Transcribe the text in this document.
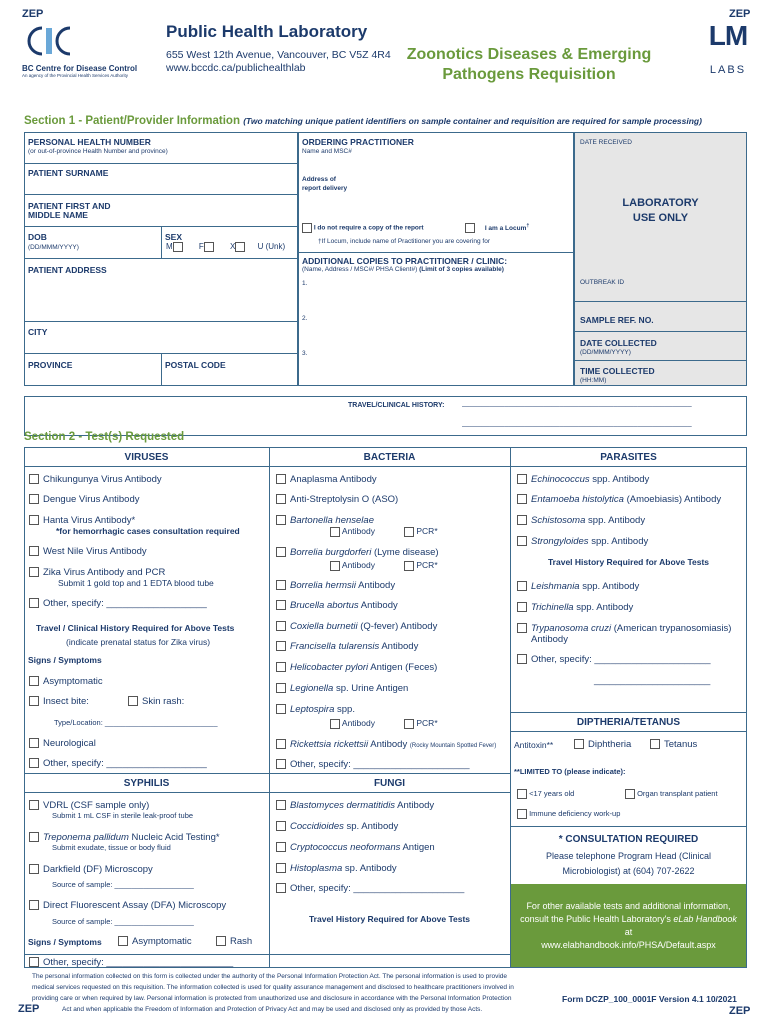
ZEP	ZEP
BC Centre for Disease Control
An agency of the Provincial Health Services Authority
Public Health Laboratory
655 West 12th Avenue, Vancouver, BC V5Z 4R4
www.bccdc.ca/publichealthlab
Zoonotics Diseases & Emerging
Pathogens Requisition
LM
LABS
Section 1 - Patient/Provider Information (Two matching unique patient identifiers on sample container and requisition are required for sample processing)
PERSONAL HEALTH NUMBER
(or out-of-province Health Number and province)
PATIENT SURNAME
PATIENT FIRST AND
MIDDLE NAME
DOB
(DD/MMM/YYYY)
SEX
M	F	X	U (Unk)
PATIENT ADDRESS
CITY
PROVINCE	POSTAL CODE
ORDERING PRACTITIONER
Name and MSC#
Address of
report delivery
I do not require a copy of the report	I am a Locum†
†If Locum, include name of Practitioner you are covering for
ADDITIONAL COPIES TO PRACTITIONER / CLINIC:
(Name, Address / MSC#/ PHSA Client#) (Limit of 3 copies available)
1.
2.
3.
DATE RECEIVED
LABORATORY
USE ONLY
OUTBREAK ID
SAMPLE REF. NO.
DATE COLLECTED
(DD/MMM/YYYY)
TIME COLLECTED
(HH:MM)
TRAVEL/CLINICAL HISTORY:	___________________________________________________________
___________________________________________________________
Section 2 - Test(s) Requested
VIRUSES	BACTERIA	PARASITES
Chikungunya Virus Antibody
Dengue Virus Antibody
Hanta Virus Antibody*
*for hemorrhagic cases consultation required
West Nile Virus Antibody
Zika Virus Antibody and PCR
Submit 1 gold top and 1 EDTA blood tube
Other, specify: ___________________
Travel / Clinical History Required for Above Tests
(indicate prenatal status for Zika virus)
Signs / Symptoms
Asymptomatic
Insect bite:	Skin rash:
Type/Location: ___________________________
Neurological
Other, specify: ___________________
Anaplasma Antibody
Anti-Streptolysin O (ASO)
Bartonella henselae
Antibody	PCR*
Borrelia burgdorferi (Lyme disease)
Antibody	PCR*
Borrelia hermsii Antibody
Brucella abortus Antibody
Coxiella burnetii (Q-fever) Antibody
Francisella tularensis Antibody
Helicobacter pylori Antigen (Feces)
Legionella sp. Urine Antigen
Leptospira spp.
Antibody	PCR*
Rickettsia rickettsii Antibody (Rocky Mountain Spotted Fever)
Other, specify: ______________________
Echinococcus spp. Antibody
Entamoeba histolytica (Amoebiasis) Antibody
Schistosoma spp. Antibody
Strongyloides spp. Antibody
Travel History Required for Above Tests
Leishmania spp. Antibody
Trichinella spp. Antibody
Trypanosoma cruzi (American trypanosomiasis)
Antibody
Other, specify: ______________________
______________________
DIPTHERIA/TETANUS
Antitoxin**	Diphtheria	Tetanus
**LIMITED TO (please indicate):
<17 years old	Organ transplant patient
Immune deficiency work-up
* CONSULTATION REQUIRED
Please telephone Program Head (Clinical
Microbiologist) at (604) 707-2622
For other available tests and additional information,
consult the Public Health Laboratory's eLab Handbook
at
www.elabhandbook.info/PHSA/Default.aspx
SYPHILIS
VDRL (CSF sample only)
Submit 1 mL CSF in sterile leak-proof tube
Treponema pallidum Nucleic Acid Testing*
Submit exudate, tissue or body fluid
Darkfield (DF) Microscopy
Source of sample: ___________________
Direct Fluorescent Assay (DFA) Microscopy
Source of sample: ___________________
Signs / Symptoms	Asymptomatic	Rash
Other, specify: ________________________
FUNGI
Blastomyces dermatitidis Antibody
Coccidioides sp. Antibody
Cryptococcus neoformans Antigen
Histoplasma sp. Antibody
Other, specify: _____________________
Travel History Required for Above Tests
The personal information collected on this form is collected under the authority of the Personal Information Protection Act. The personal information is used to provide
medical services requested on this requisition. The information collected is used for quality assurance management and disclosed to healthcare practitioners involved in
providing care or when required by law. Personal information is protected from unauthorized use and disclosure in accordance with the Personal Information Protection
Act and when applicable the Freedom of Information and Protection of Privacy Act and may be used and disclosed only as provided by those Acts.
ZEP
Form DCZP_100_0001F Version 4.1 10/2021
ZEP
